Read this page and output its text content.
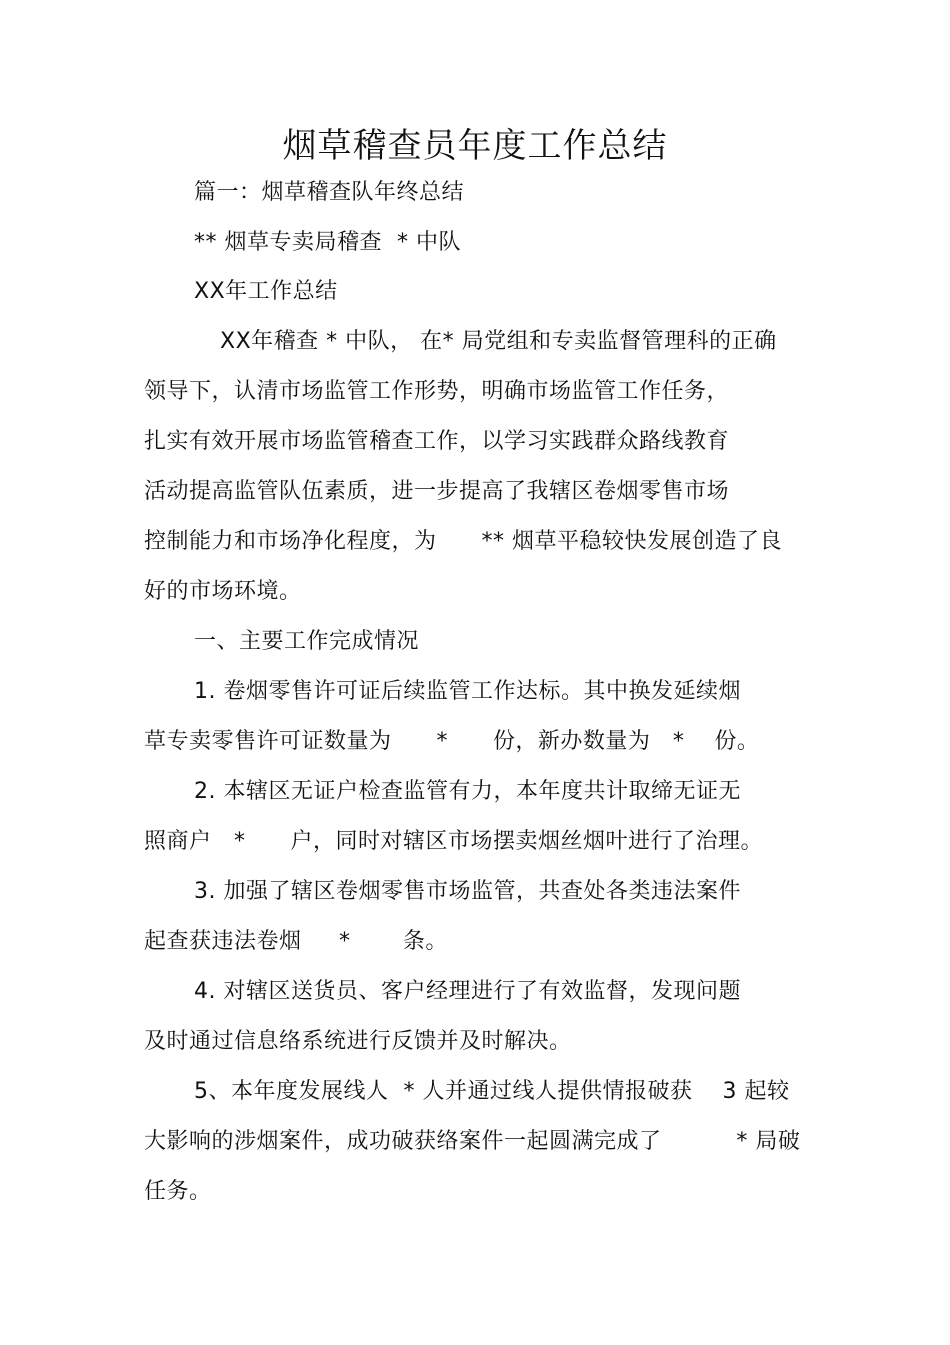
烟草稽查员年度工作总结
篇一：烟草稽查队年终总结
** 烟草专卖局稽查  * 中队
XX年工作总结
XX年稽查 * 中队， 在* 局党组和专卖监督管理科的正确
领导下，认清市场监管工作形势，明确市场监管工作任务，
扎实有效开展市场监管稽查工作，以学习实践群众路线教育
活动提高监管队伍素质，进一步提高了我辖区卷烟零售市场
控制能力和市场净化程度，为      ** 烟草平稳较快发展创造了良
好的市场环境。
一、主要工作完成情况
1. 卷烟零售许可证后续监管工作达标。其中换发延续烟
草专卖零售许可证数量为      *      份，新办数量为   *    份。
2. 本辖区无证户检查监管有力，本年度共计取缔无证无
照商户   *      户，同时对辖区市场摆卖烟丝烟叶进行了治理。
3. 加强了辖区卷烟零售市场监管，共查处各类违法案件
起查获违法卷烟     *       条。
4. 对辖区送货员、客户经理进行了有效监督，发现问题
及时通过信息络系统进行反馈并及时解决。
5、本年度发展线人  * 人并通过线人提供情报破获    3 起较
大影响的涉烟案件，成功破获络案件一起圆满完成了          * 局破
任务。
